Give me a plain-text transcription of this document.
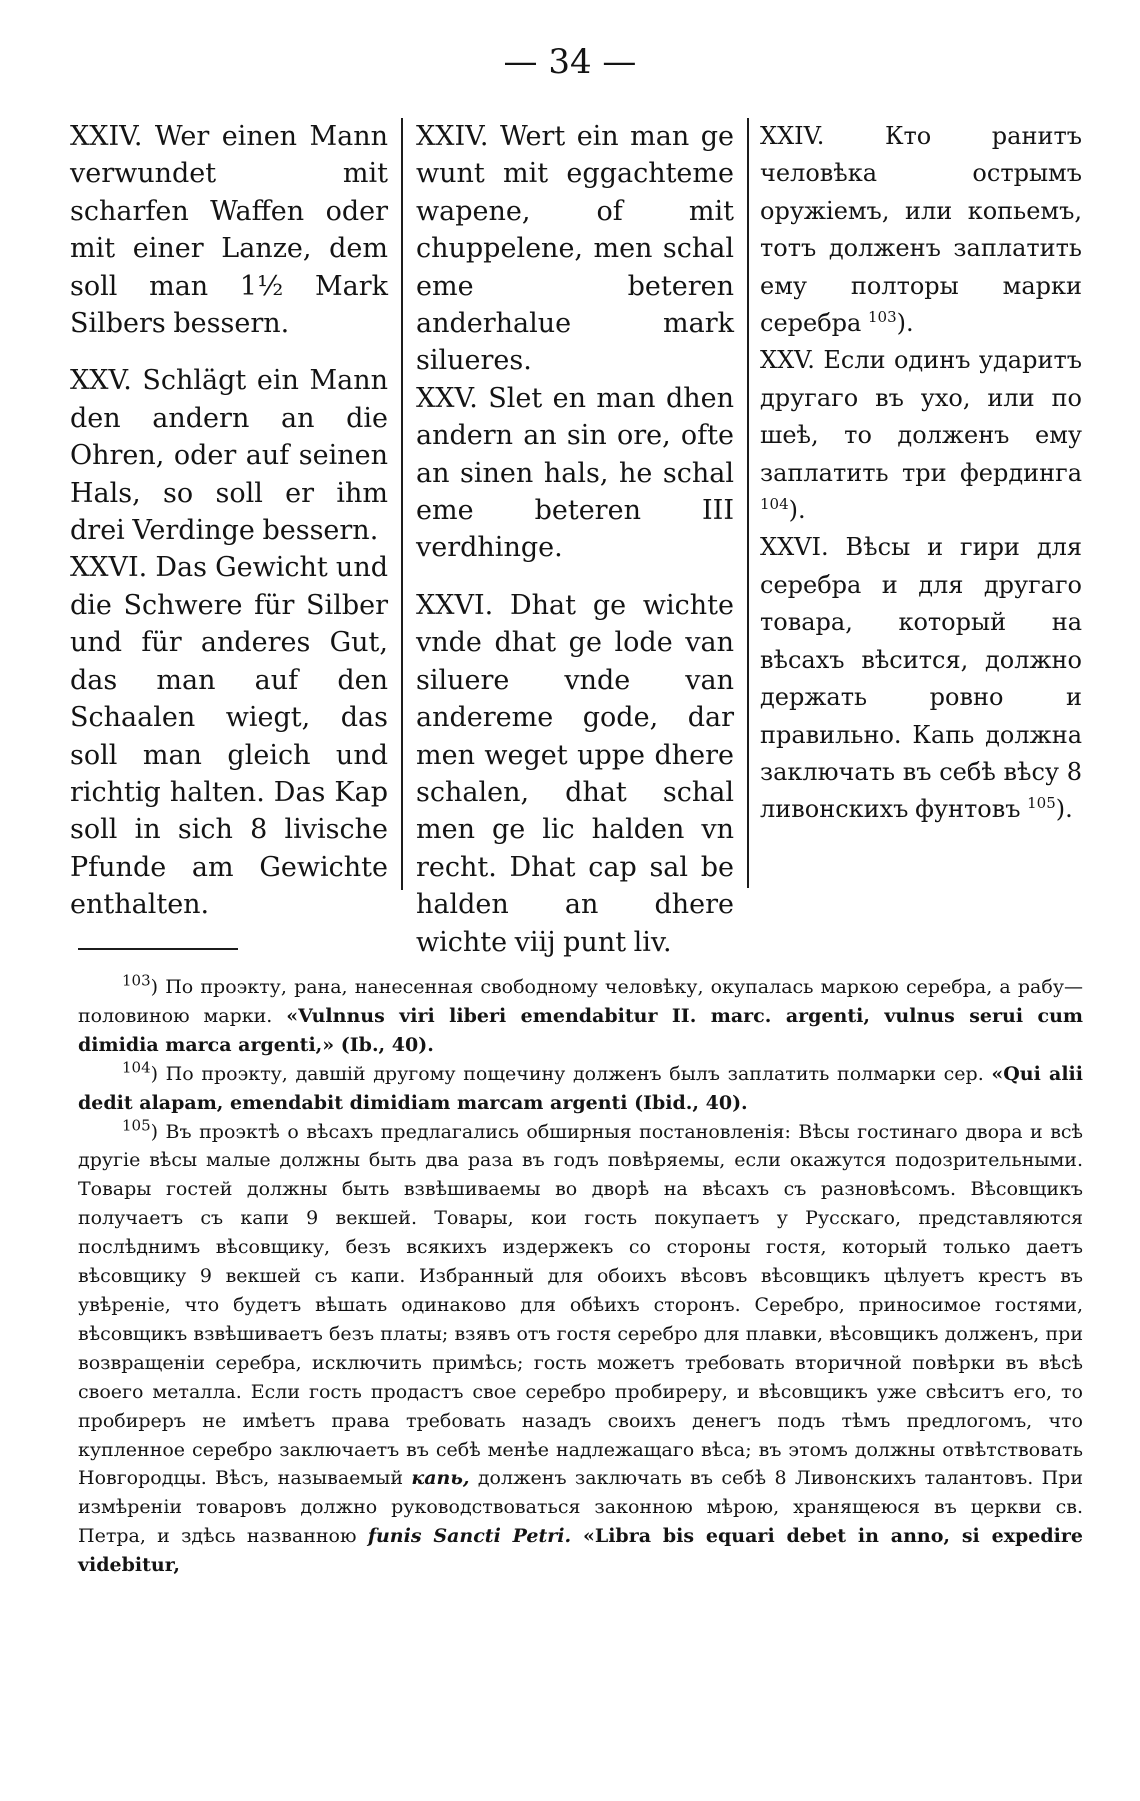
— 34 —

XXIV. Wer einen Mann verwundet mit scharfen Waffen oder mit einer Lanze, dem soll man 1½ Mark Silbers bessern.

XXV. Schlägt ein Mann den andern an die Ohren, oder auf seinen Hals, so soll er ihm drei Verdinge bessern.

XXVI. Das Gewicht und die Schwere für Silber und für anderes Gut, das man auf den Schaalen wiegt, das soll man gleich und richtig halten. Das Kap soll in sich 8 livische Pfunde am Gewichte enthalten.

XXIV. Wert ein man ge wunt mit eggachteme wapene, of mit chuppelene, men schal eme beteren anderhalue mark silueres.

XXV. Slet en man dhen andern an sin ore, ofte an sinen hals, he schal eme beteren III verdhinge.

XXVI. Dhat ge wichte vnde dhat ge lode van siluere vnde van andereme gode, dar men weget uppe dhere schalen, dhat schal men ge lic halden vn recht. Dhat cap sal be halden an dhere wichte viij punt liv.

XXIV. Кто ранитъ человѣка острымъ оружіемъ, или копьемъ, тотъ долженъ заплатить ему полторы марки серебра $^{103}$).

XXV. Если одинъ ударитъ другаго въ ухо, или по шеѣ, то долженъ ему заплатить три фердинга $^{104}$).

XXVI. Вѣсы и гири для серебра и для другаго товара, который на вѣсахъ вѣсится, должно держать ровно и правильно. Капь должна заключать въ себѣ вѣсу 8 ливонскихъ фунтовъ $^{105}$).

$^{103}$) По проэкту, рана, нанесенная свободному человѣку, окупалась маркою серебра, а рабу—половиною марки. «Vulnnus viri liberi emendabitur II. marc. argenti, vulnus serui cum dimidia marca argenti,» (Ib., 40).

$^{104}$) По проэкту, давшій другому пощечину долженъ былъ заплатить полмарки сер. «Qui alii dedit alapam, emendabit dimidiam marcam argenti (Ibid., 40).

$^{105}$) Въ проэктѣ о вѣсахъ предлагались обширныя постановленія: Вѣсы гостинаго двора и всѣ другіе вѣсы малые должны быть два раза въ годъ повѣряемы, если окажутся подозрительными. Товары гостей должны быть взвѣшиваемы во дворѣ на вѣсахъ съ разновѣсомъ. Вѣсовщикъ получаетъ съ капи 9 векшей. Товары, кои гость покупаетъ у Русскаго, представляются послѣднимъ вѣсовщику, безъ всякихъ издержекъ со стороны гостя, который только даетъ вѣсовщику 9 векшей съ капи. Избранный для обоихъ вѣсовъ вѣсовщикъ цѣлуетъ крестъ въ увѣреніе, что будетъ вѣшать одинаково для обѣихъ сторонъ. Серебро, приносимое гостями, вѣсовщикъ взвѣшиваетъ безъ платы; взявъ отъ гостя серебро для плавки, вѣсовщикъ долженъ, при возвращеніи серебра, исключить примѣсь; гость можетъ требовать вторичной повѣрки въ вѣсѣ своего металла. Если гость продастъ свое серебро пробиреру, и вѣсовщикъ уже свѣситъ его, то пробиреръ не имѣетъ права требовать назадъ своихъ денегъ подъ тѣмъ предлогомъ, что купленное серебро заключаетъ въ себѣ менѣе надлежащаго вѣса; въ этомъ должны отвѣтствовать Новгородцы. Вѣсъ, называемый капь, долженъ заключать въ себѣ 8 Ливонскихъ талантовъ. При измѣреніи товаровъ должно руководствоваться законною мѣрою, хранящеюся въ церкви св. Петра, и здѣсь названною funis Sancti Petri. «Libra bis equari debet in anno, si expedire videbitur,
